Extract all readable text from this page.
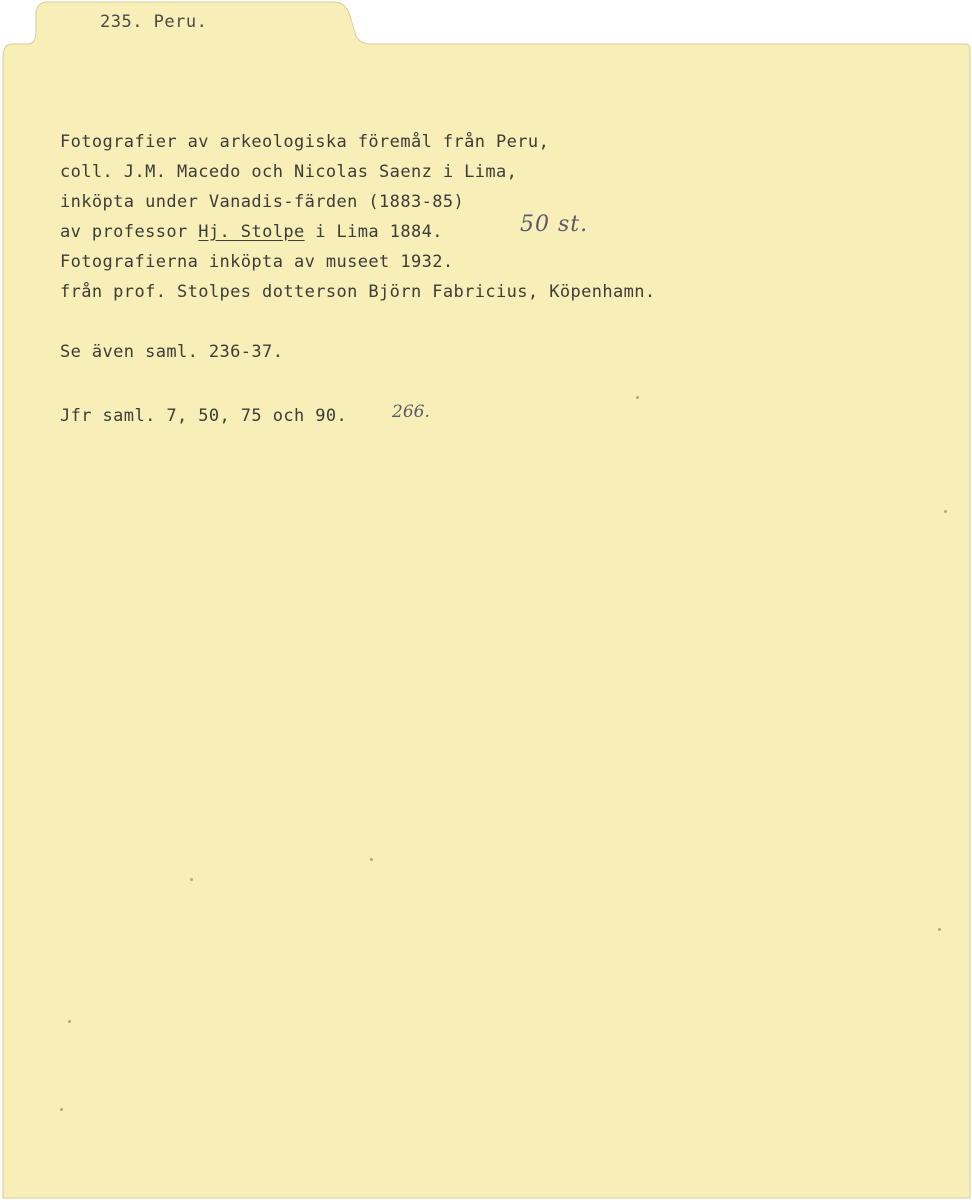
235. Peru.
Fotografier av arkeologiska föremål från Peru,
coll. J.M. Macedo och Nicolas Saenz i Lima,
inköpta under Vanadis-färden (1883-85)
av professor Hj. Stolpe i Lima 1884.
Fotografierna inköpta av museet 1932.
från prof. Stolpes dotterson Björn Fabricius, Köpenhamn.
Se även saml. 236-37.
Jfr saml. 7, 50, 75 och 90.
50 st.
266.
